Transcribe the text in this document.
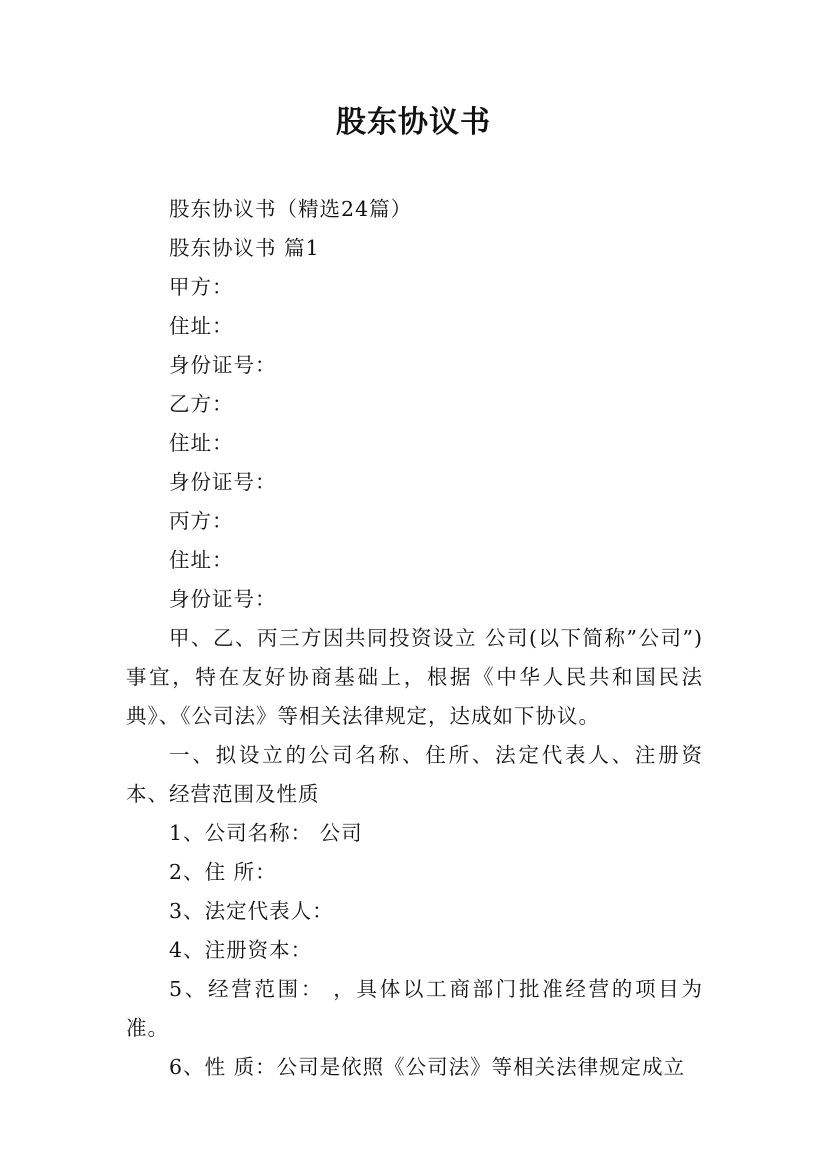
股东协议书

股东协议书（精选24篇）

股东协议书 篇1

甲方：

住址：

身份证号：

乙方：

住址：

身份证号：

丙方：

住址：

身份证号：

甲、乙、丙三方因共同投资设立 公司(以下简称”公司”)事宜，特在友好协商基础上，根据《中华人民共和国民法典》、《公司法》等相关法律规定，达成如下协议。

一、拟设立的公司名称、住所、法定代表人、注册资本、经营范围及性质

1、公司名称： 公司

2、住 所：

3、法定代表人：

4、注册资本：

5、经营范围： ，具体以工商部门批准经营的项目为准。

6、性 质：公司是依照《公司法》等相关法律规定成立
